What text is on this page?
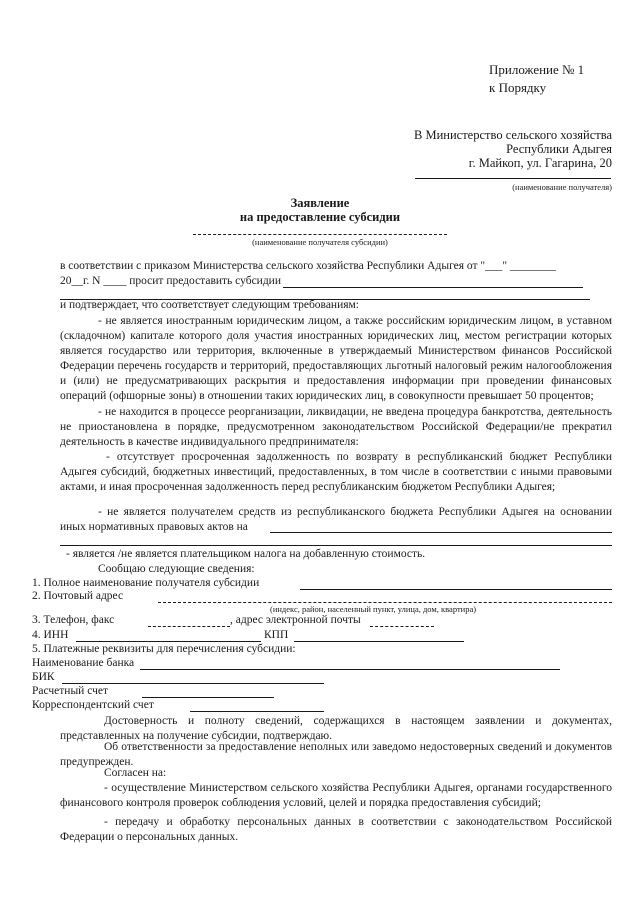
Приложение № 1
к Порядку
В Министерство сельского хозяйства
Республики Адыгея
г. Майкоп, ул. Гагарина, 20
(наименование получателя)
Заявление
на предоставление субсидии
(наименование получателя субсидии)
в соответствии с приказом Министерства сельского хозяйства Республики Адыгея от "___" ________
20__г. N ____ просит предоставить субсидии
и подтверждает, что соответствует следующим требованиям:
- не является иностранным юридическим лицом, а также российским юридическим лицом, в уставном (складочном) капитале которого доля участия иностранных юридических лиц, местом регистрации которых является государство или территория, включенные в утверждаемый Министерством финансов Российской Федерации перечень государств и территорий, предоставляющих льготный налоговый режим налогообложения и (или) не предусматривающих раскрытия и предоставления информации при проведении финансовых операций (офшорные зоны) в отношении таких юридических лиц, в совокупности превышает 50 процентов;
- не находится в процессе реорганизации, ликвидации, не введена процедура банкротства, деятельность не приостановлена в порядке, предусмотренном законодательством Российской Федерации/не прекратил деятельность в качестве индивидуального предпринимателя:
- отсутствует просроченная задолженность по возврату в республиканский бюджет Республики Адыгея субсидий, бюджетных инвестиций, предоставленных, в том числе в соответствии с иными правовыми актами, и иная просроченная задолженность перед республиканским бюджетом Республики Адыгея;
- не является получателем средств из республиканского бюджета Республики Адыгея на основании иных нормативных правовых актов на
- является /не является плательщиком налога на добавленную стоимость.
Сообщаю следующие сведения:
1. Полное наименование получателя субсидии
2. Почтовый адрес
(индекс, район, населенный пункт, улица, дом, квартира)
3. Телефон, факс	, адрес электронной почты
4. ИНН	КПП
5. Платежные реквизиты для перечисления субсидии:
Наименование банка
БИК
Расчетный счет
Корреспондентский счет
Достоверность и полноту сведений, содержащихся в настоящем заявлении и документах, представленных на получение субсидии, подтверждаю.
Об ответственности за предоставление неполных или заведомо недостоверных сведений и документов предупрежден.
Согласен на:
- осуществление Министерством сельского хозяйства Республики Адыгея, органами государственного финансового контроля проверок соблюдения условий, целей и порядка предоставления субсидий;
- передачу и обработку персональных данных в соответствии с законодательством Российской Федерации о персональных данных.
